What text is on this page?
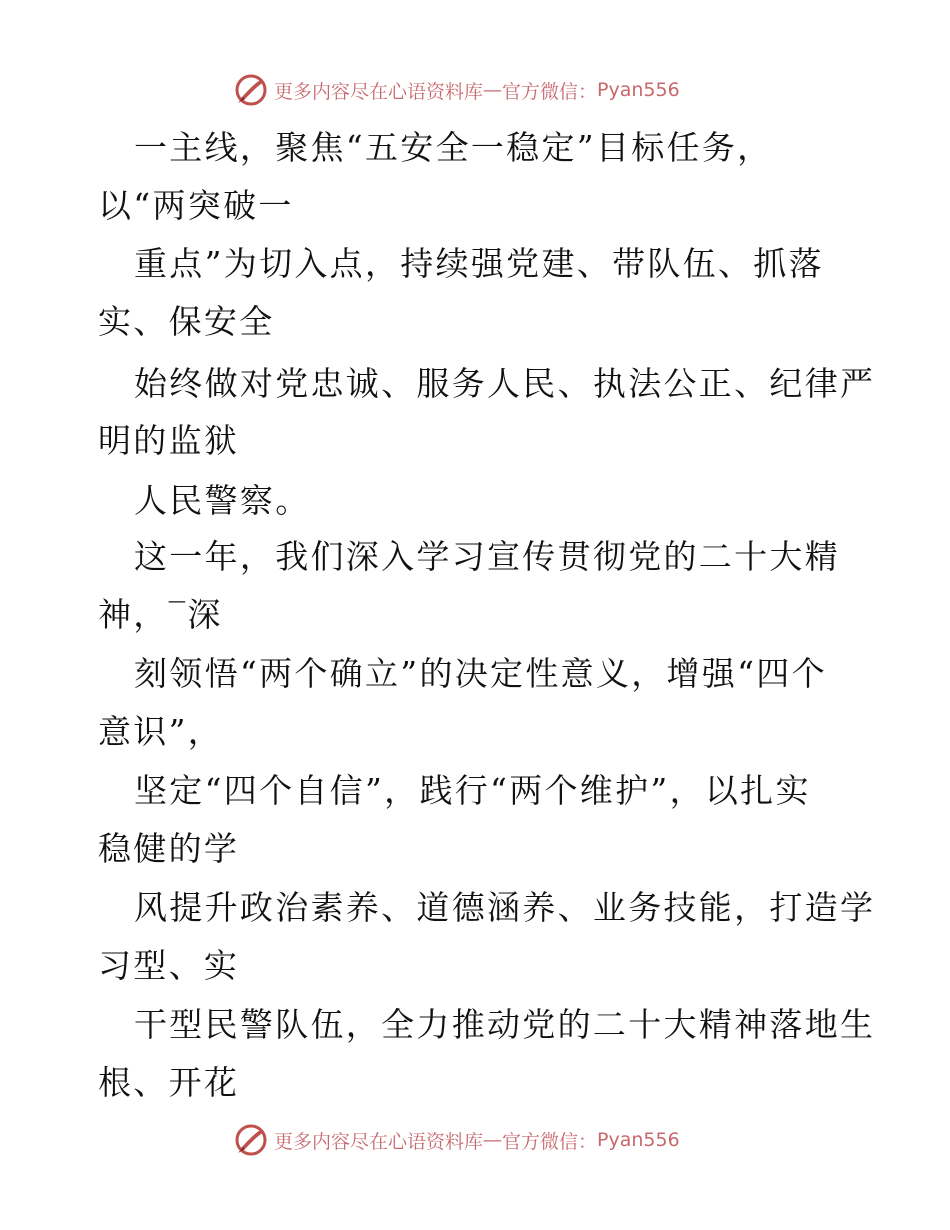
更多内容尽在心语资料库 — 官方微信： Pyan556
一主线，聚焦“五安全一稳定”目标任务，
以“两突破一
重点”为切入点，持续强党建、带队伍、抓落
实、保安全
始终做对党忠诚、服务人民、执法公正、纪律严
明的监狱
人民警察。
这一年，我们深入学习宣传贯彻党的二十大精
神，‾深
刻领悟“两个确立”的决定性意义，增强“四个
意识”，
坚定“四个自信”，践行“两个维护”，以扎实
稳健的学
风提升政治素养、道德涵养、业务技能，打造学
习型、实
干型民警队伍，全力推动党的二十大精神落地生
根、开花
更多内容尽在心语资料库 — 官方微信： Pyan556
